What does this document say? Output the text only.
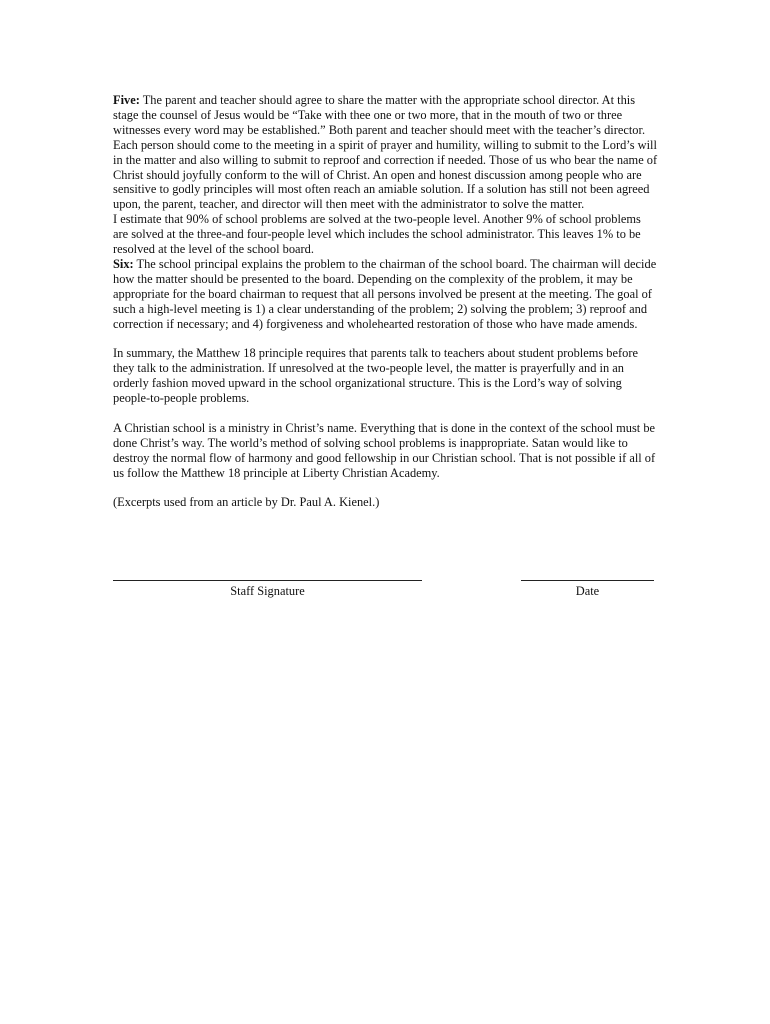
Five: The parent and teacher should agree to share the matter with the appropriate school director. At this stage the counsel of Jesus would be “Take with thee one or two more, that in the mouth of two or three witnesses every word may be established.” Both parent and teacher should meet with the teacher’s director. Each person should come to the meeting in a spirit of prayer and humility, willing to submit to the Lord’s will in the matter and also willing to submit to reproof and correction if needed. Those of us who bear the name of Christ should joyfully conform to the will of Christ. An open and honest discussion among people who are sensitive to godly principles will most often reach an amiable solution. If a solution has still not been agreed upon, the parent, teacher, and director will then meet with the administrator to solve the matter.

I estimate that 90% of school problems are solved at the two-people level. Another 9% of school problems are solved at the three-and four-people level which includes the school administrator. This leaves 1% to be resolved at the level of the school board.

Six: The school principal explains the problem to the chairman of the school board. The chairman will decide how the matter should be presented to the board. Depending on the complexity of the problem, it may be appropriate for the board chairman to request that all persons involved be present at the meeting. The goal of such a high-level meeting is 1) a clear understanding of the problem; 2) solving the problem; 3) reproof and correction if necessary; and 4) forgiveness and wholehearted restoration of those who have made amends.

In summary, the Matthew 18 principle requires that parents talk to teachers about student problems before they talk to the administration. If unresolved at the two-people level, the matter is prayerfully and in an orderly fashion moved upward in the school organizational structure. This is the Lord’s way of solving people-to-people problems.

A Christian school is a ministry in Christ’s name. Everything that is done in the context of the school must be done Christ’s way. The world’s method of solving school problems is inappropriate. Satan would like to destroy the normal flow of harmony and good fellowship in our Christian school. That is not possible if all of us follow the Matthew 18 principle at Liberty Christian Academy.

(Excerpts used from an article by Dr. Paul A. Kienel.)

Staff Signature	Date
